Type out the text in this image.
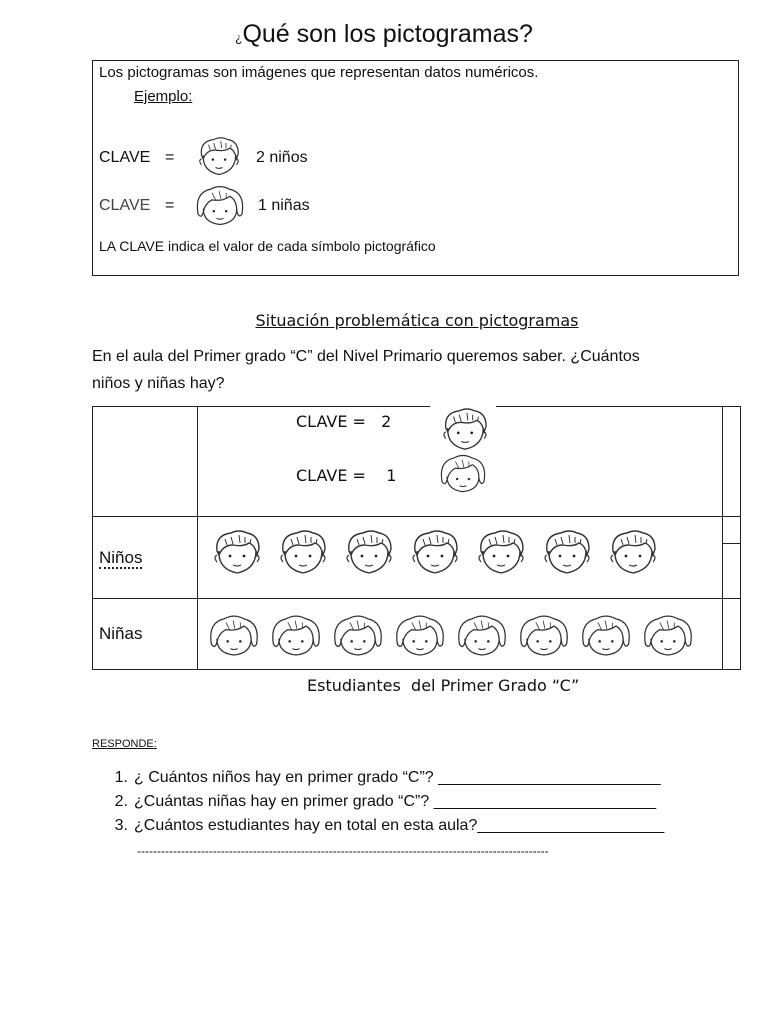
¿Qué son los pictogramas?
Los pictogramas son imágenes que representan datos numéricos.
Ejemplo:
CLAVE =	2 niños
CLAVE =	1 niñas
LA CLAVE indica el valor de cada símbolo pictográfico
Situación problemática con pictogramas
En el aula del Primer grado “C” del Nivel Primario queremos saber. ¿Cuántos
niños y niñas hay?

	CLAVE =   2
CLAVE =    1	

Niños	

Niñas	

Estudiantes  del Primer Grado “C”
RESPONDE:
1. ¿ Cuántos niños hay en primer grado “C”? _________________________
2. ¿Cuántas niñas hay en primer grado “C”? _________________________
3. ¿Cuántos estudiantes hay en total en esta aula?_____________________
-------------------------------------------------------------------------------------------------------
